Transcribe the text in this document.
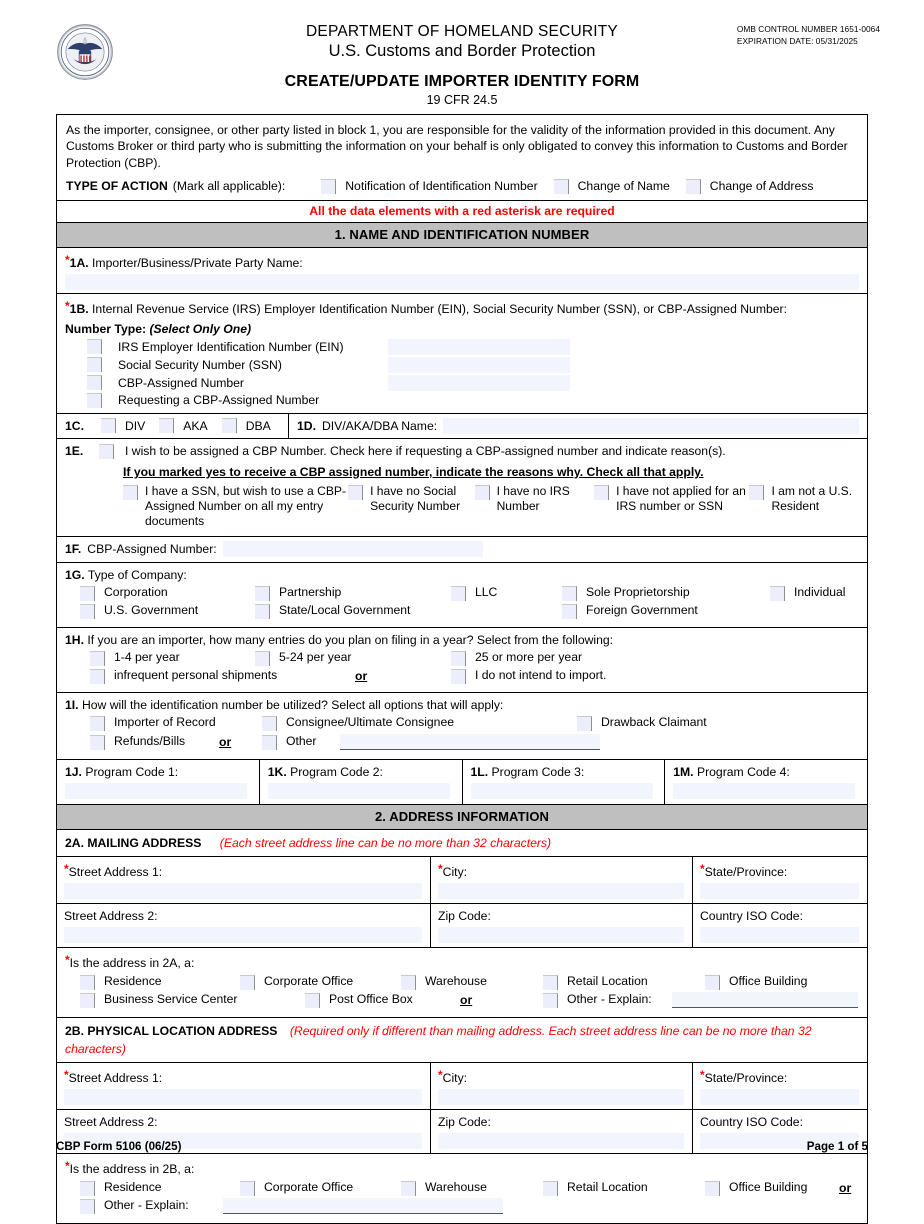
DEPARTMENT OF HOMELAND SECURITY
U.S. Customs and Border Protection
CREATE/UPDATE IMPORTER IDENTITY FORM
19 CFR 24.5
OMB CONTROL NUMBER 1651-0064
EXPIRATION DATE: 05/31/2025
As the importer, consignee, or other party listed in block 1, you are responsible for the validity of the information provided in this document. Any Customs Broker or third party who is submitting the information on your behalf is only obligated to convey this information to Customs and Border Protection (CBP).
TYPE OF ACTION (Mark all applicable):	Notification of Identification Number	Change of Name	Change of Address
All the data elements with a red asterisk are required
1. NAME AND IDENTIFICATION NUMBER
*1A. Importer/Business/Private Party Name:
*1B. Internal Revenue Service (IRS) Employer Identification Number (EIN), Social Security Number (SSN), or CBP-Assigned Number:
Number Type: (Select Only One)
IRS Employer Identification Number (EIN)
Social Security Number (SSN)
CBP-Assigned Number
Requesting a CBP-Assigned Number
1C.	DIV	AKA	DBA 1D. DIV/AKA/DBA Name:
1E.	I wish to be assigned a CBP Number. Check here if requesting a CBP-assigned number and indicate reason(s).
If you marked yes to receive a CBP assigned number, indicate the reasons why. Check all that apply.
I have a SSN, but wish to use a CBP-Assigned Number on all my entry documents
I have no Social Security Number
I have no IRS Number
I have not applied for an IRS number or SSN
I am not a U.S. Resident
1F. CBP-Assigned Number:
1G. Type of Company:
Corporation	Partnership	LLC	Sole Proprietorship	Individual
U.S. Government	State/Local Government	Foreign Government
1H. If you are an importer, how many entries do you plan on filing in a year? Select from the following:
1-4 per year	5-24 per year	25 or more per year
infrequent personal shipments	or	I do not intend to import.
1I. How will the identification number be utilized? Select all options that will apply:
Importer of Record	Consignee/Ultimate Consignee	Drawback Claimant
Refunds/Bills	or	Other
1J. Program Code 1:	1K. Program Code 2:	1L. Program Code 3:	1M. Program Code 4:
2. ADDRESS INFORMATION
2A. MAILING ADDRESS (Each street address line can be no more than 32 characters)
*Street Address 1:	*City:	*State/Province:
Street Address 2:	Zip Code:	Country ISO Code:
*Is the address in 2A, a:
Residence	Corporate Office	Warehouse	Retail Location	Office Building
Business Service Center	Post Office Box	or	Other - Explain:
2B. PHYSICAL LOCATION ADDRESS (Required only if different than mailing address. Each street address line can be no more than 32 characters)
*Street Address 1:	*City:	*State/Province:
Street Address 2:	Zip Code:	Country ISO Code:
*Is the address in 2B, a:
Residence	Corporate Office	Warehouse	Retail Location	Office Building	or
Other - Explain:
CBP Form 5106 (06/25)	Page 1 of 5
